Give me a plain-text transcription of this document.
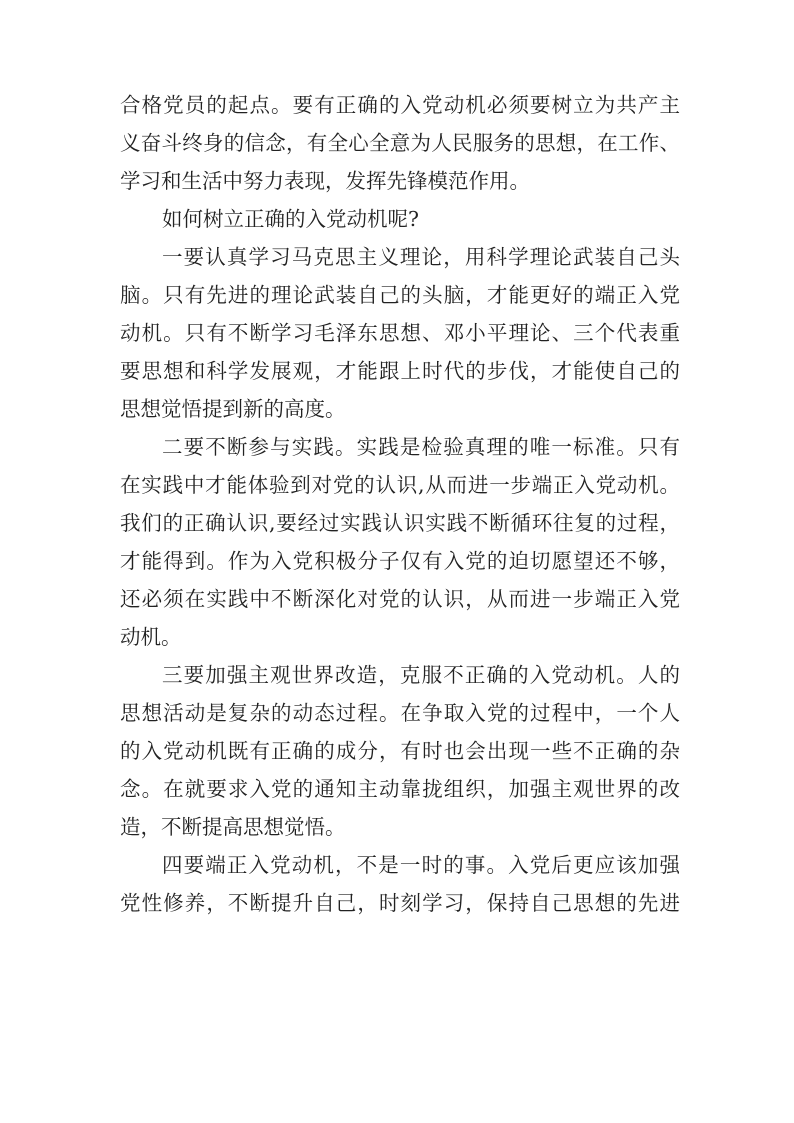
合格党员的起点。要有正确的入党动机必须要树立为共产主
义奋斗终身的信念，有全心全意为人民服务的思想，在工作、
学习和生活中努力表现，发挥先锋模范作用。
如何树立正确的入党动机呢?
一要认真学习马克思主义理论，用科学理论武装自己头
脑。只有先进的理论武装自己的头脑，才能更好的端正入党
动机。只有不断学习毛泽东思想、邓小平理论、三个代表重
要思想和科学发展观，才能跟上时代的步伐，才能使自己的
思想觉悟提到新的高度。
二要不断参与实践。实践是检验真理的唯一标准。只有
在实践中才能体验到对党的认识,从而进一步端正入党动机。
我们的正确认识,要经过实践认识实践不断循环往复的过程，
才能得到。作为入党积极分子仅有入党的迫切愿望还不够，
还必须在实践中不断深化对党的认识，从而进一步端正入党
动机。
三要加强主观世界改造，克服不正确的入党动机。人的
思想活动是复杂的动态过程。在争取入党的过程中，一个人
的入党动机既有正确的成分，有时也会出现一些不正确的杂
念。在就要求入党的通知主动靠拢组织，加强主观世界的改
造，不断提高思想觉悟。
四要端正入党动机，不是一时的事。入党后更应该加强
党性修养，不断提升自己，时刻学习，保持自己思想的先进
